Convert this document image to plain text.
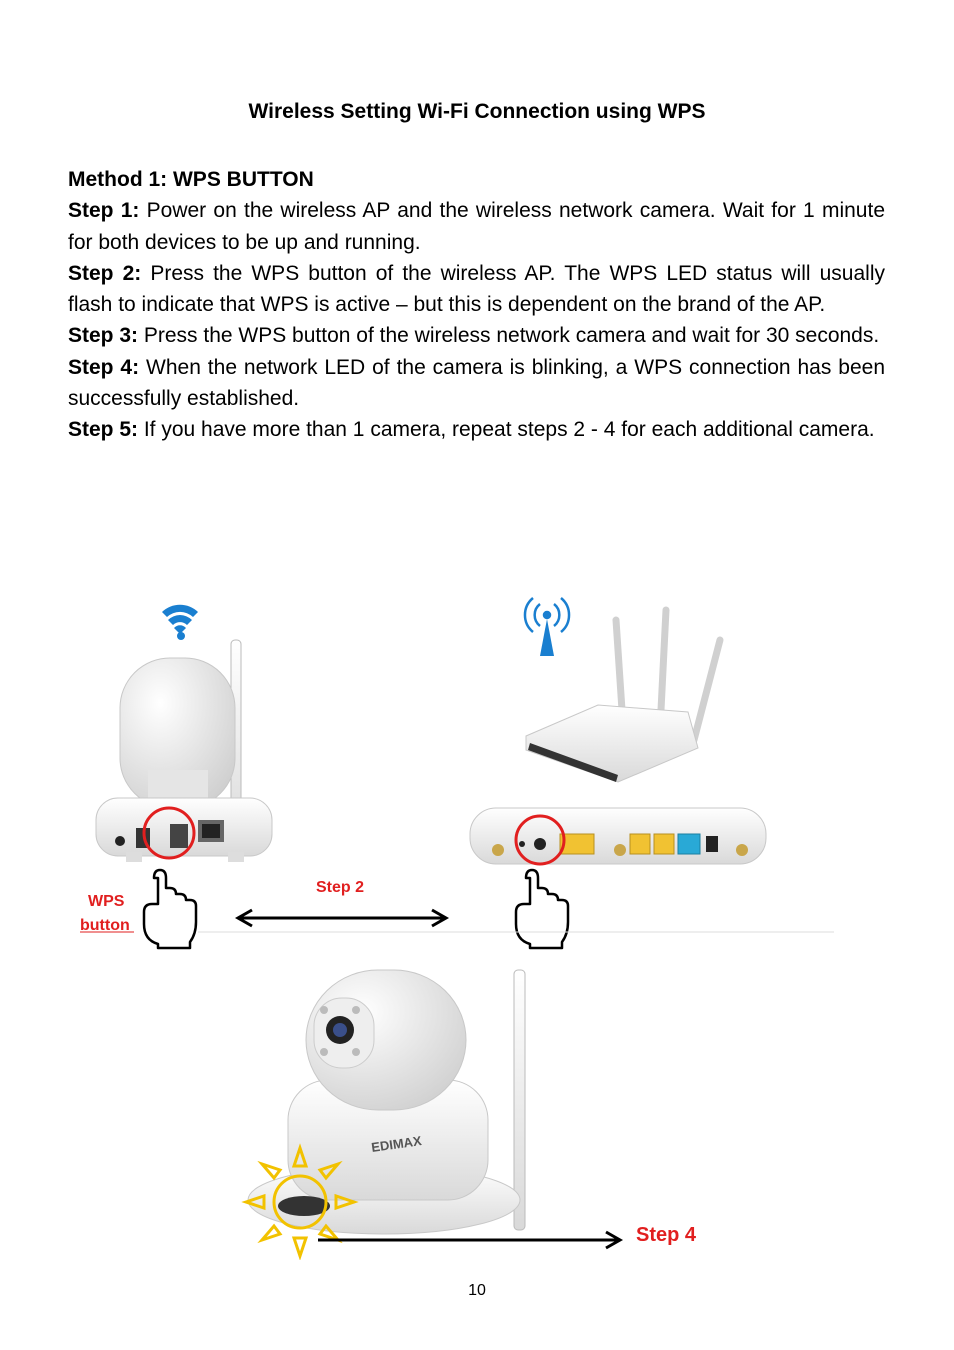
Wireless Setting Wi-Fi Connection using WPS

Method 1: WPS BUTTON

Step 1: Power on the wireless AP and the wireless network camera. Wait for 1 minute for both devices to be up and running.

Step 2: Press the WPS button of the wireless AP. The WPS LED status will usually flash to indicate that WPS is active – but this is dependent on the brand of the AP.

Step 3: Press the WPS button of the wireless network camera and wait for 30 seconds.

Step 4: When the network LED of the camera is blinking, a WPS connection has been successfully established.

Step 5: If you have more than 1 camera, repeat steps 2 - 4 for each additional camera.

WPS
button
Step 2
EDIMAX
Step 4
10
